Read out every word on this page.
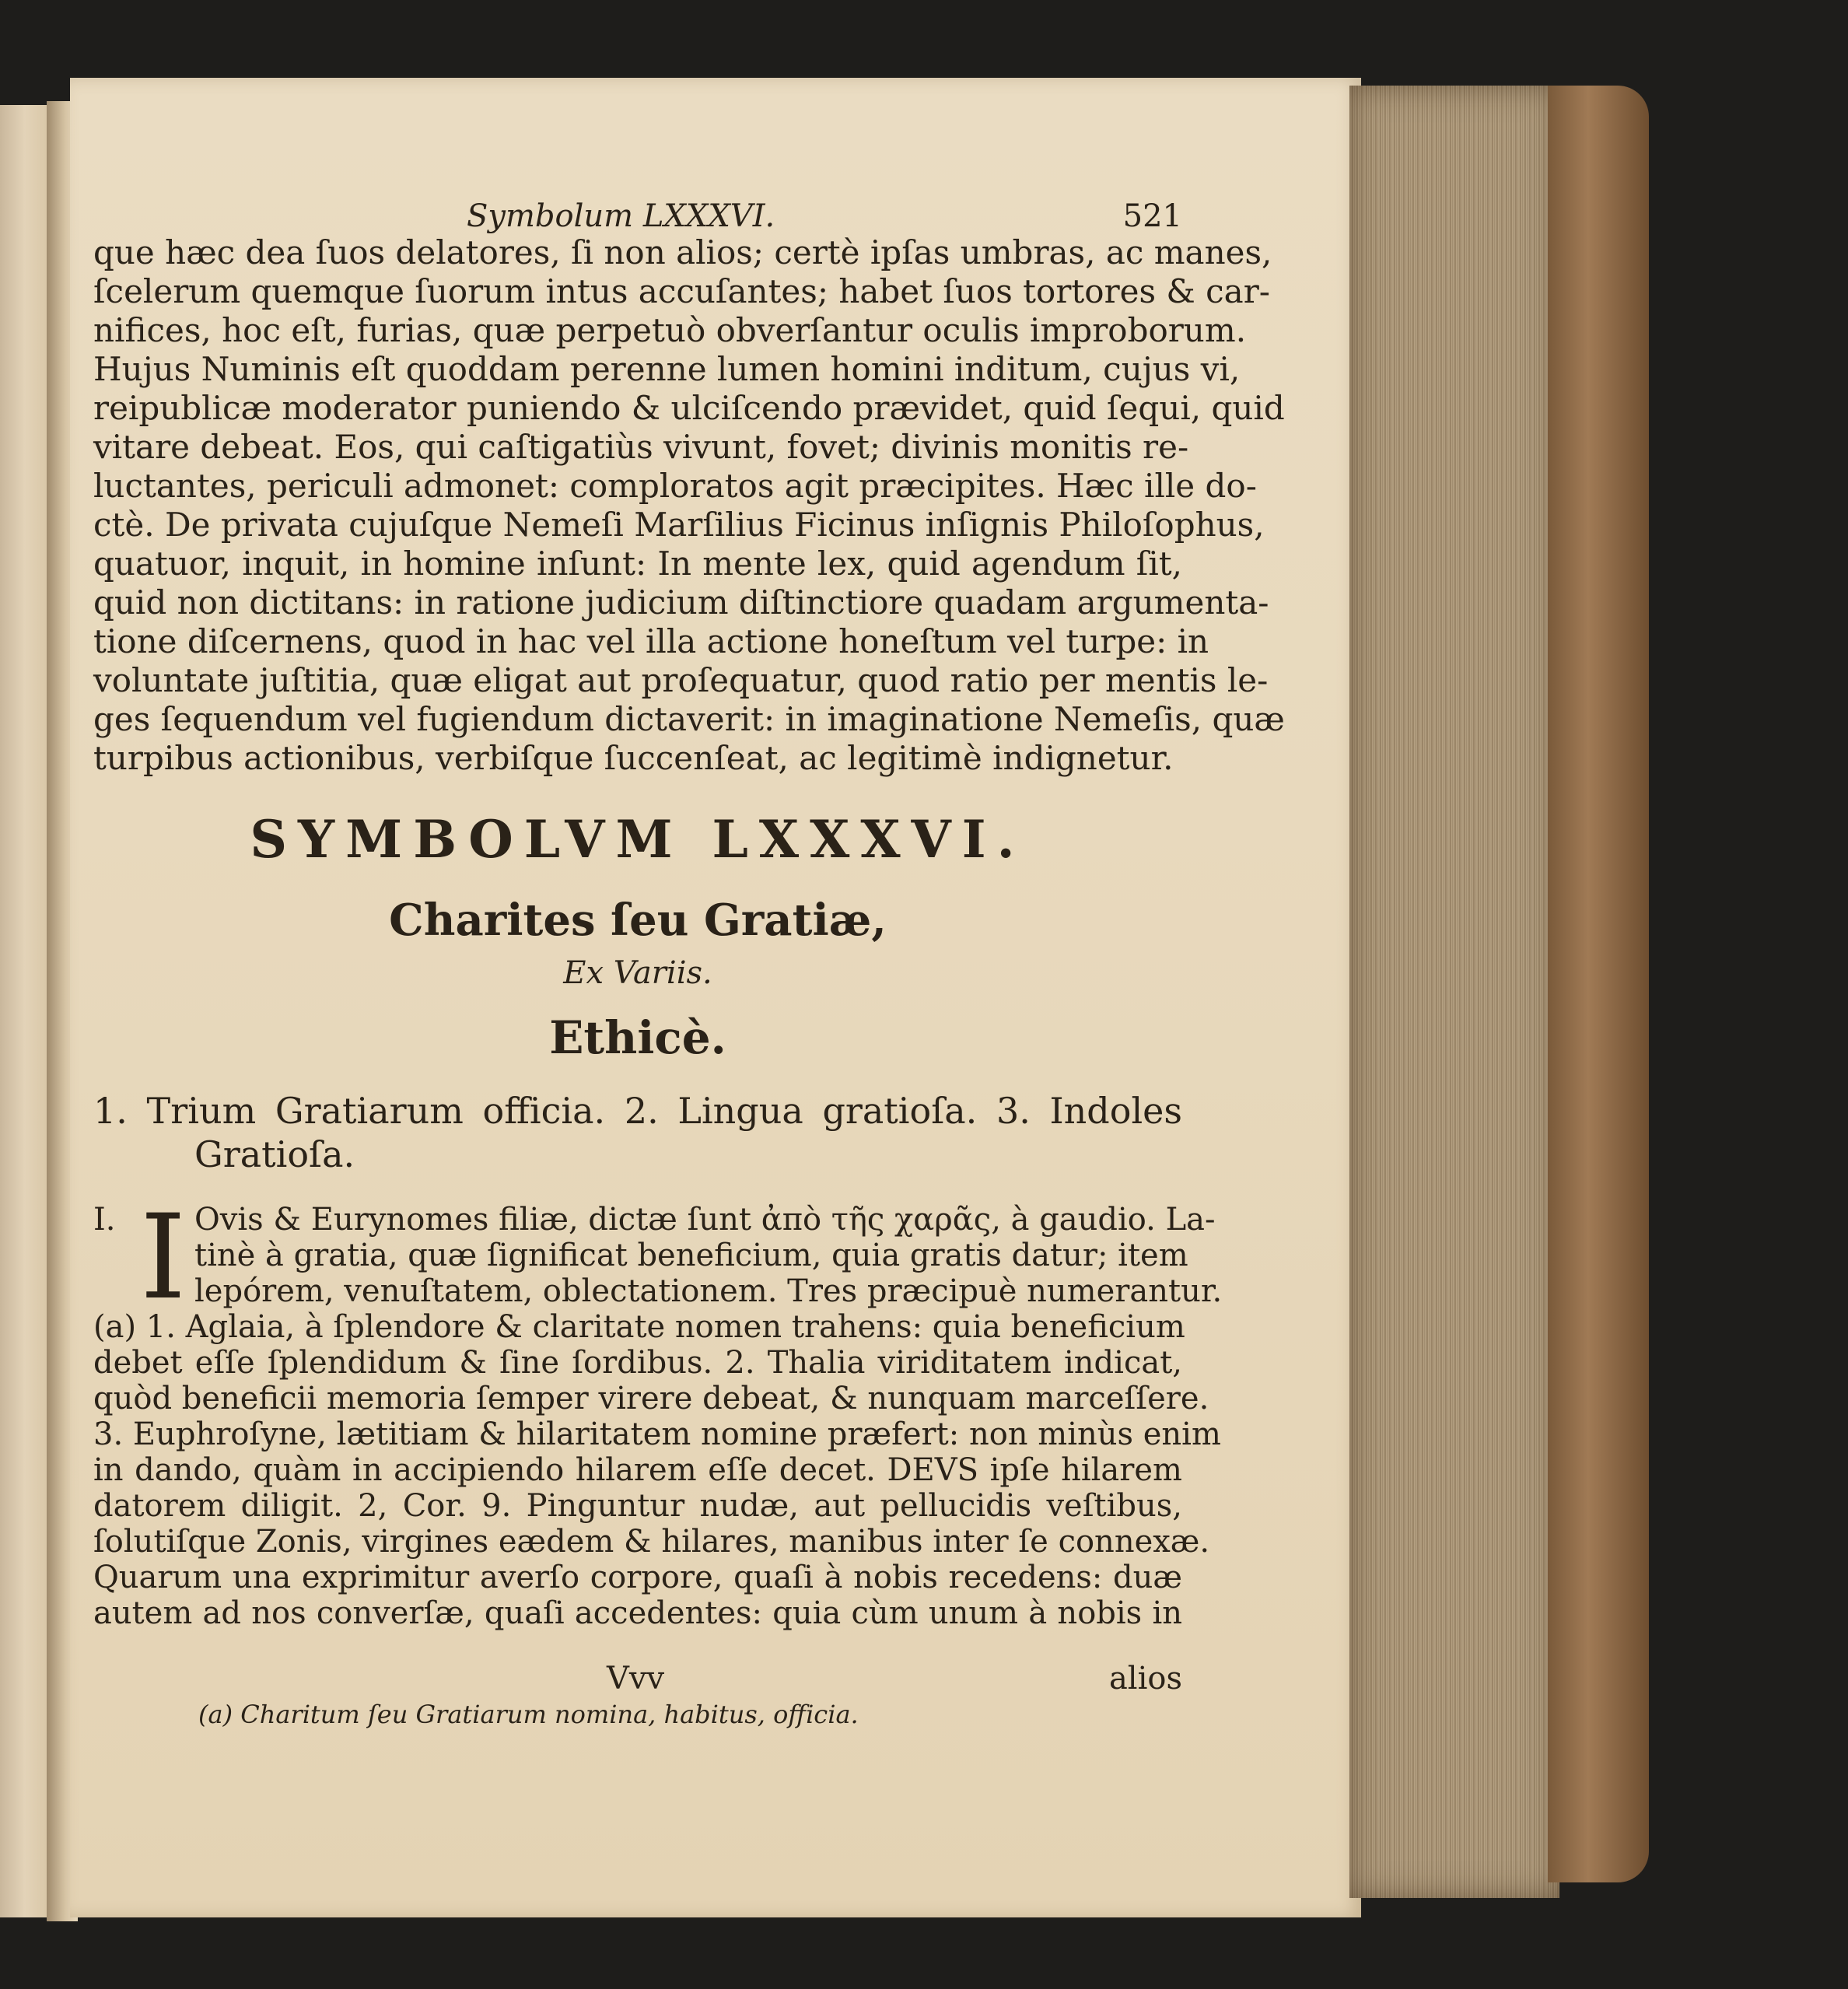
Symbolum LXXXVI.	521
que hæc dea ſuos delatores, ſi non alios; certè ipſas umbras, ac manes,
ſcelerum quemque ſuorum intus accuſantes; habet ſuos tortores & car-
nifices, hoc eſt, furias, quæ perpetuò obverſantur oculis improborum.
Hujus Numinis eſt quoddam perenne lumen homini inditum, cujus vi,
reipublicæ moderator puniendo & ulciſcendo prævidet, quid ſequi, quid
vitare debeat. Eos, qui caſtigatiùs vivunt, fovet; divinis monitis re-
luctantes, periculi admonet: comploratos agit præcipites. Hæc ille do-
ctè. De privata cujuſque Nemeſi Marſilius Ficinus inſignis Philoſophus,
quatuor, inquit, in homine inſunt: In mente lex, quid agendum ſit,
quid non dictitans: in ratione judicium diſtinctiore quadam argumenta-
tione diſcernens, quod in hac vel illa actione honeſtum vel turpe: in
voluntate juſtitia, quæ eligat aut proſequatur, quod ratio per mentis le-
ges ſequendum vel fugiendum dictaverit: in imaginatione Nemeſis, quæ
turpibus actionibus, verbiſque ſuccenſeat, ac legitimè indignetur.
SYMBOLVM LXXXVI.
Charites ſeu Gratiæ,
Ex Variis.
Ethicè.
1. Trium Gratiarum officia. 2. Lingua gratioſa. 3. Indoles
Gratioſa.
I. I Ovis & Eurynomes filiæ, dictæ ſunt ἀπὸ τῆς χαρᾶς, à gaudio. La-
tinè à gratia, quæ ſignificat beneficium, quia gratis datur; item
lepórem, venuſtatem, oblectationem. Tres præcipuè numerantur.
(a) 1. Aglaia, à ſplendore & claritate nomen trahens: quia beneficium
debet eſſe ſplendidum & ſine ſordibus. 2. Thalia viriditatem indicat,
quòd beneficii memoria ſemper virere debeat, & nunquam marceſſere.
3. Euphroſyne, lætitiam & hilaritatem nomine præfert: non minùs enim
in dando, quàm in accipiendo hilarem eſſe decet. DEVS ipſe hilarem
datorem diligit. 2, Cor. 9. Pinguntur nudæ, aut pellucidis veſtibus,
ſolutiſque Zonis, virgines eædem & hilares, manibus inter ſe connexæ.
Quarum una exprimitur averſo corpore, quaſi à nobis recedens: duæ
autem ad nos converſæ, quaſi accedentes: quia cùm unum à nobis in
Vvv	alios
(a) Charitum ſeu Gratiarum nomina, habitus, officia.
